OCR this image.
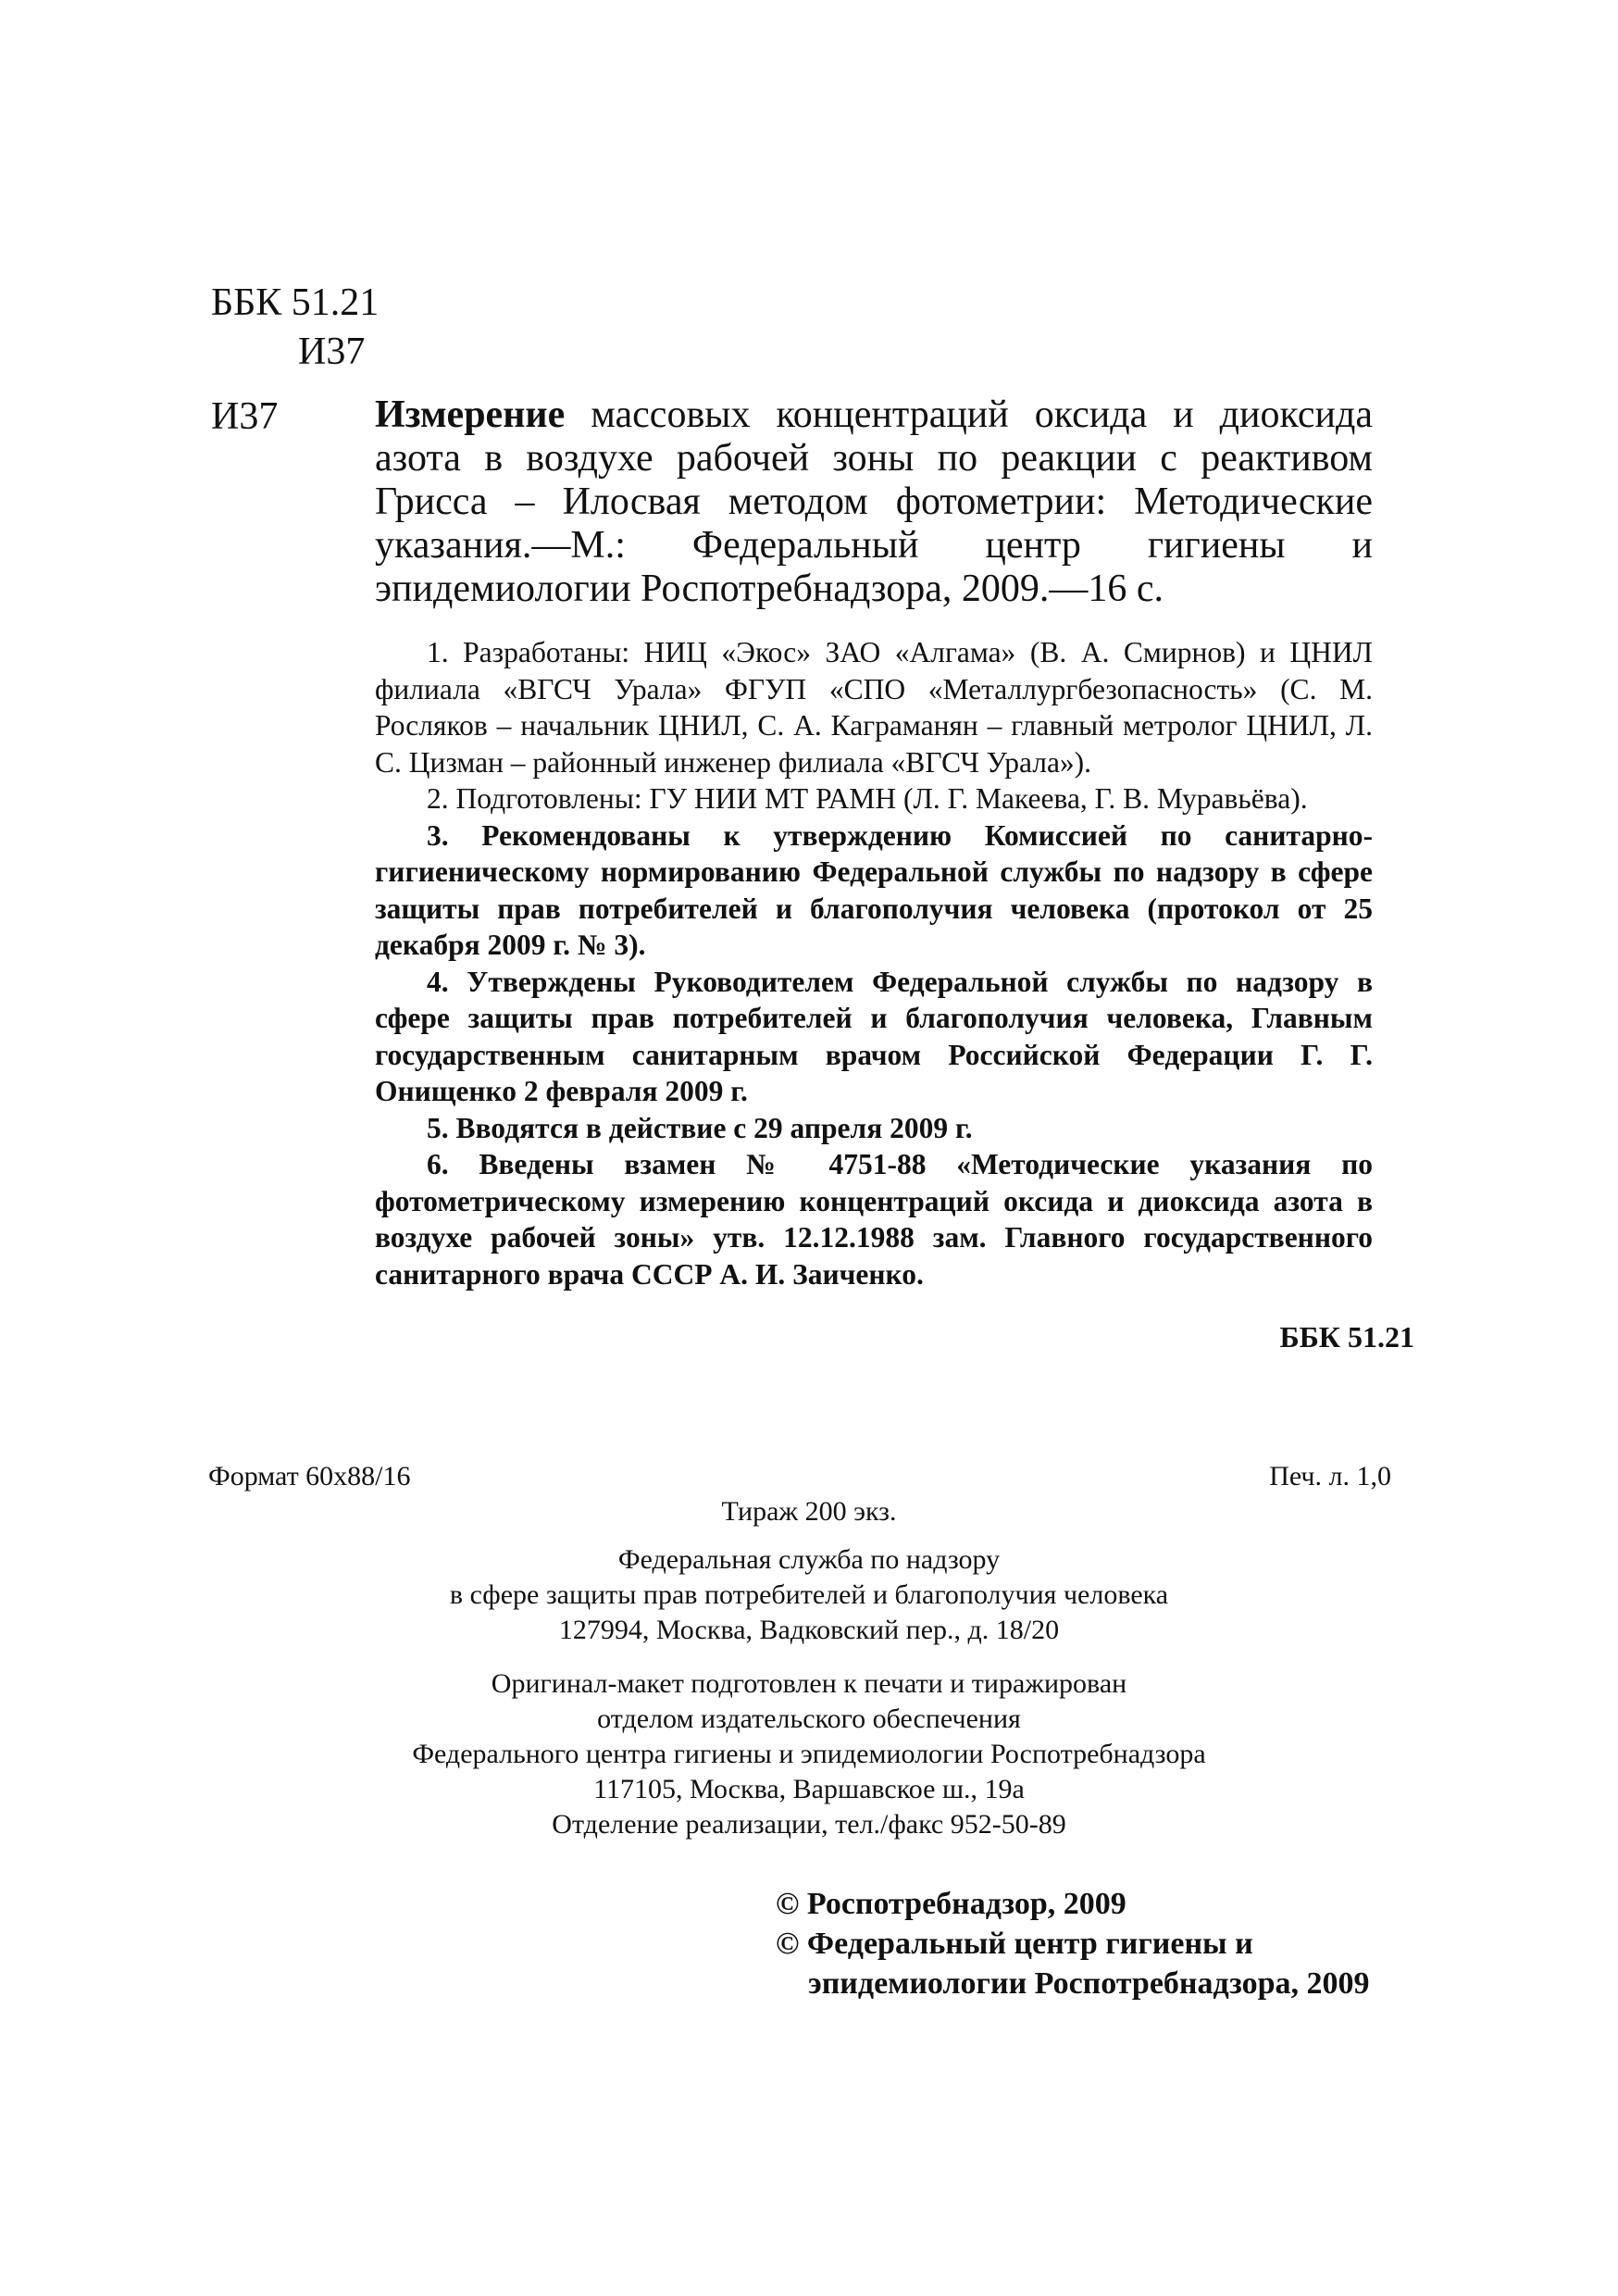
ББК 51.21
И37
И37 Измерение массовых концентраций оксида и диоксида азота в воздухе рабочей зоны по реакции с реактивом Грисса – Илосвая методом фотометрии: Методические указания.—М.: Федеральный центр гигиены и эпидемиологии Роспотребнадзора, 2009.—16 с.

1. Разработаны: НИЦ «Экос» ЗАО «Алгама» (В. А. Смирнов) и ЦНИЛ филиала «ВГСЧ Урала» ФГУП «СПО «Металлургбезопасность» (С. М. Росляков – начальник ЦНИЛ, С. А. Каграманян – главный метролог ЦНИЛ, Л. С. Цизман – районный инженер филиала «ВГСЧ Урала»).

2. Подготовлены: ГУ НИИ МТ РАМН (Л. Г. Макеева, Г. В. Муравьёва).

3. Рекомендованы к утверждению Комиссией по санитарно-гигиеническому нормированию Федеральной службы по надзору в сфере защиты прав потребителей и благополучия человека (протокол от 25 декабря 2009 г. № 3).

4. Утверждены Руководителем Федеральной службы по надзору в сфере защиты прав потребителей и благополучия человека, Главным государственным санитарным врачом Российской Федерации Г. Г. Онищенко 2 февраля 2009 г.

5. Вводятся в действие с 29 апреля 2009 г.

6. Введены взамен № 4751-88 «Методические указания по фотометрическому измерению концентраций оксида и диоксида азота в воздухе рабочей зоны» утв. 12.12.1988 зам. Главного государственного санитарного врача СССР А. И. Заиченко.

ББК 51.21
Формат 60х88/16	Печ. л. 1,0
Тираж 200 экз.
Федеральная служба по надзору
в сфере защиты прав потребителей и благополучия человека
127994, Москва, Вадковский пер., д. 18/20
Оригинал-макет подготовлен к печати и тиражирован
отделом издательского обеспечения
Федерального центра гигиены и эпидемиологии Роспотребнадзора
117105, Москва, Варшавское ш., 19а
Отделение реализации, тел./факс 952-50-89
© Роспотребнадзор, 2009
© Федеральный центр гигиены и
эпидемиологии Роспотребнадзора, 2009
